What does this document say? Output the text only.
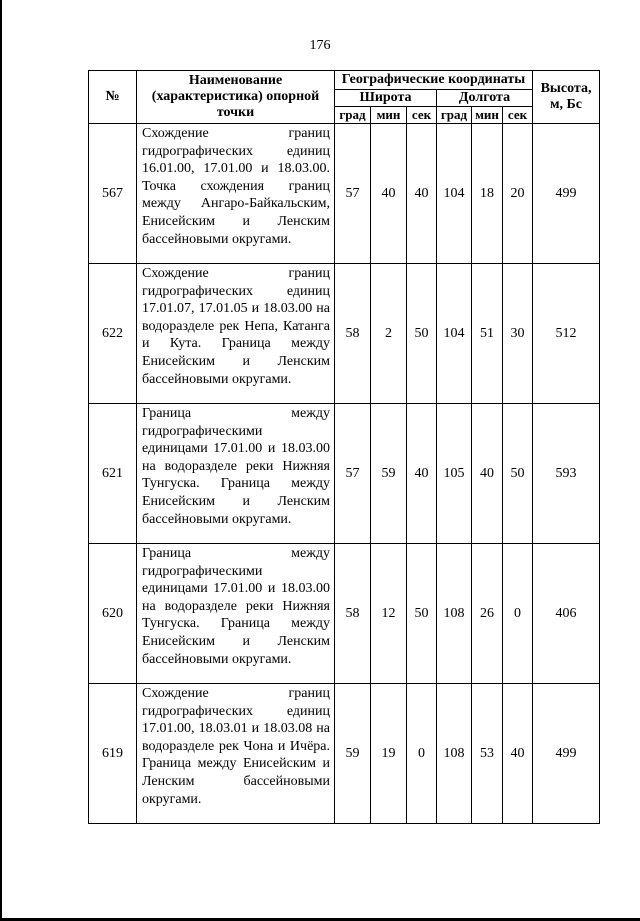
176
№	Наименование (характеристика) опорной точки	Географические координаты						Высота, м, Бс
		Широта			Долгота			
		град	мин	сек	град	мин	сек	
567	Схождение границ гидрографических единиц 16.01.00, 17.01.00 и 18.03.00. Точка схождения границ между Ангаро-Байкальским, Енисейским и Ленским бассейновыми округами.	57	40	40	104	18	20	499
622	Схождение границ гидрографических единиц 17.01.07, 17.01.05 и 18.03.00 на водоразделе рек Непа, Катанга и Кута. Граница между Енисейским и Ленским бассейновыми округами.	58	2	50	104	51	30	512
621	Граница между гидрографическими единицами 17.01.00 и 18.03.00 на водоразделе реки Нижняя Тунгуска. Граница между Енисейским и Ленским бассейновыми округами.	57	59	40	105	40	50	593
620	Граница между гидрографическими единицами 17.01.00 и 18.03.00 на водоразделе реки Нижняя Тунгуска. Граница между Енисейским и Ленским бассейновыми округами.	58	12	50	108	26	0	406
619	Схождение границ гидрографических единиц 17.01.00, 18.03.01 и 18.03.08 на водоразделе рек Чона и Ичёра. Граница между Енисейским и Ленским бассейновыми округами.	59	19	0	108	53	40	499
